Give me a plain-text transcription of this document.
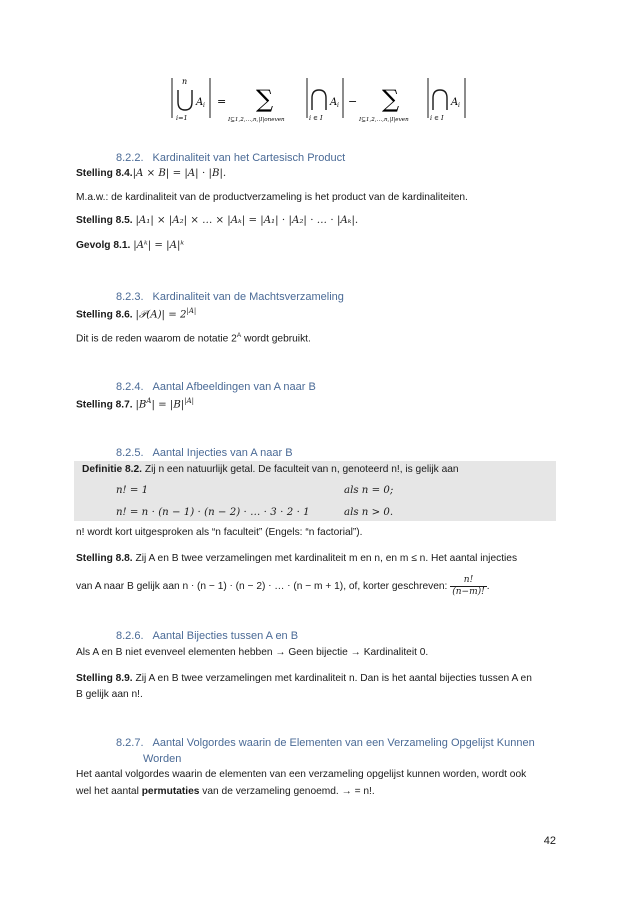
n
i=1
A i = ∑
I⊆1,2,…,n,|I|oneven	i ∈ I
A i − ∑
I⊆1,2,…,n,|I|even	i ∈ I
A i
8.2.2. Kardinaliteit van het Cartesisch Product
Stelling 8.4.|A × B| = |A| ⋅ |B|.
M.a.w.: de kardinaliteit van de productverzameling is het product van de kardinaliteiten.
Stelling 8.5. |A₁| × |A₂| × … × |Aₖ| = |A₁| ⋅ |A₂| ⋅ … ⋅ |Aₖ|.
Gevolg 8.1. |Aᵏ| = |A|ᵏ
8.2.3. Kardinaliteit van de Machtsverzameling
Stelling 8.6. |𝒫(A)| = $2^{|A|}$
Dit is de reden waarom de notatie $2^A$ wordt gebruikt.
8.2.4. Aantal Afbeeldingen van A naar B
Stelling 8.7. $|B^A| = |B|^{|A|}$
8.2.5. Aantal Injecties van A naar B
Definitie 8.2. Zij n een natuurlijk getal. De faculteit van n, genoteerd n!, is gelijk aan
n! = 1	als n = 0;
n! = n ⋅ (n − 1) ⋅ (n − 2) ⋅ … ⋅ 3 ⋅ 2 ⋅ 1	als n > 0.
n! wordt kort uitgesproken als “n faculteit” (Engels: “n factorial”).
Stelling 8.8. Zij A en B twee verzamelingen met kardinaliteit m en n, en m ≤ n. Het aantal injecties
van A naar B gelijk aan n ⋅ (n − 1) ⋅ (n − 2) ⋅ … ⋅ (n − m + 1), of, korter geschreven: $\frac{n!}{(n-m)!}$ .
8.2.6. Aantal Bijecties tussen A en B
Als A en B niet evenveel elementen hebben → Geen bijectie → Kardinaliteit 0.
Stelling 8.9. Zij A en B twee verzamelingen met kardinaliteit n. Dan is het aantal bijecties tussen A en
B gelijk aan n!.
8.2.7. Aantal Volgordes waarin de Elementen van een Verzameling Opgelijst Kunnen
Worden
Het aantal volgordes waarin de elementen van een verzameling opgelijst kunnen worden, wordt ook
wel het aantal permutaties van de verzameling genoemd. → = n!.
42
